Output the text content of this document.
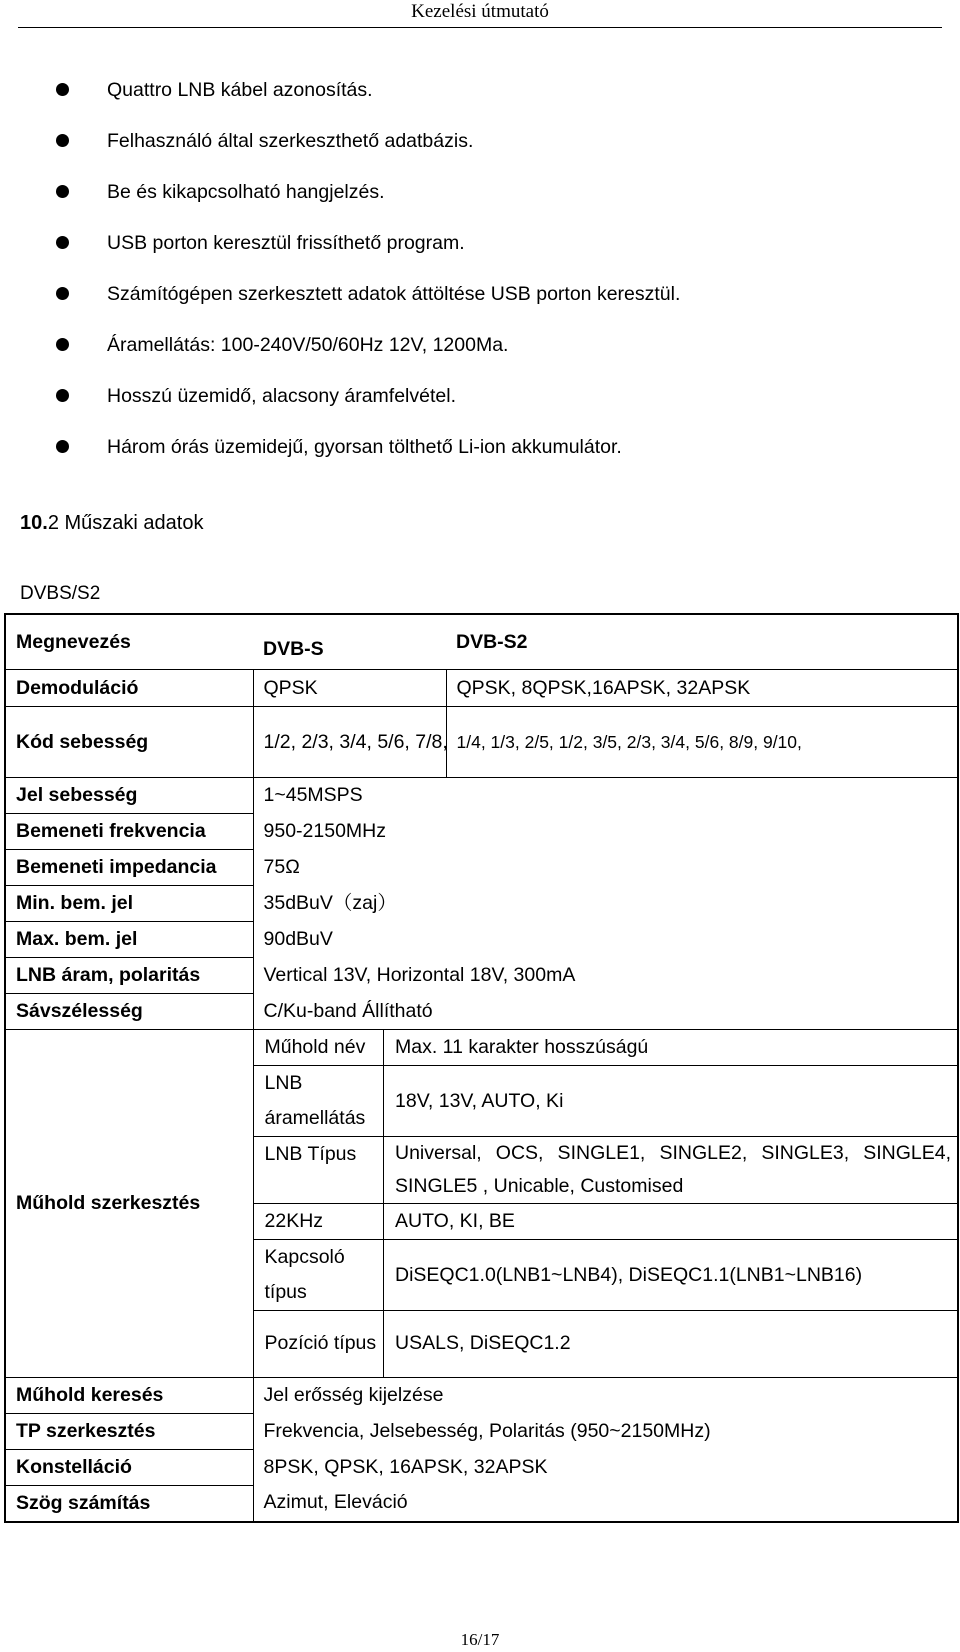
Kezelési útmutató
Quattro LNB kábel azonosítás.
Felhasználó által szerkeszthető adatbázis.
Be és kikapcsolható hangjelzés.
USB porton keresztül frissíthető program.
Számítógépen szerkesztett adatok áttöltése USB porton keresztül.
Áramellátás: 100-240V/50/60Hz 12V, 1200Ma.
Hosszú üzemidő, alacsony áramfelvétel.
Három órás üzemidejű, gyorsan tölthető Li-ion akkumulátor.
10.2 Műszaki adatok
DVBS/S2
Megnevezés	DVB-S	DVB-S2
Demoduláció	QPSK	QPSK, 8QPSK,16APSK, 32APSK
Kód sebesség	1/2, 2/3, 3/4, 5/6, 7/8,	1/4, 1/3, 2/5, 1/2, 3/5, 2/3, 3/4, 5/6, 8/9, 9/10,
Jel sebesség	1~45MSPS
Bemeneti frekvencia	950-2150MHz
Bemeneti impedancia	75Ω
Min. bem. jel	35dBuV（zaj）
Max. bem. jel	90dBuV
LNB áram, polaritás	Vertical 13V, Horizontal 18V, 300mA
Sávszélesség	C/Ku-band Állítható
Műhold szerkesztés	
Műhold név	Max. 11 karakter hosszúságú
LNB áramellátás	18V, 13V, AUTO, Ki
LNB Típus	Universal, OCS, SINGLE1, SINGLE2, SINGLE3, SINGLE4, SINGLE5 , Unicable, Customised
22KHz	AUTO, KI, BE
Kapcsoló típus	DiSEQC1.0(LNB1~LNB4), DiSEQC1.1(LNB1~LNB16)
Pozíció típus	USALS, DiSEQC1.2

Műhold keresés	Jel erősség kijelzése
TP szerkesztés	Frekvencia, Jelsebesség, Polaritás (950~2150MHz)
Konstelláció	8PSK, QPSK, 16APSK, 32APSK
Szög számítás	Azimut, Eleváció
16/17
